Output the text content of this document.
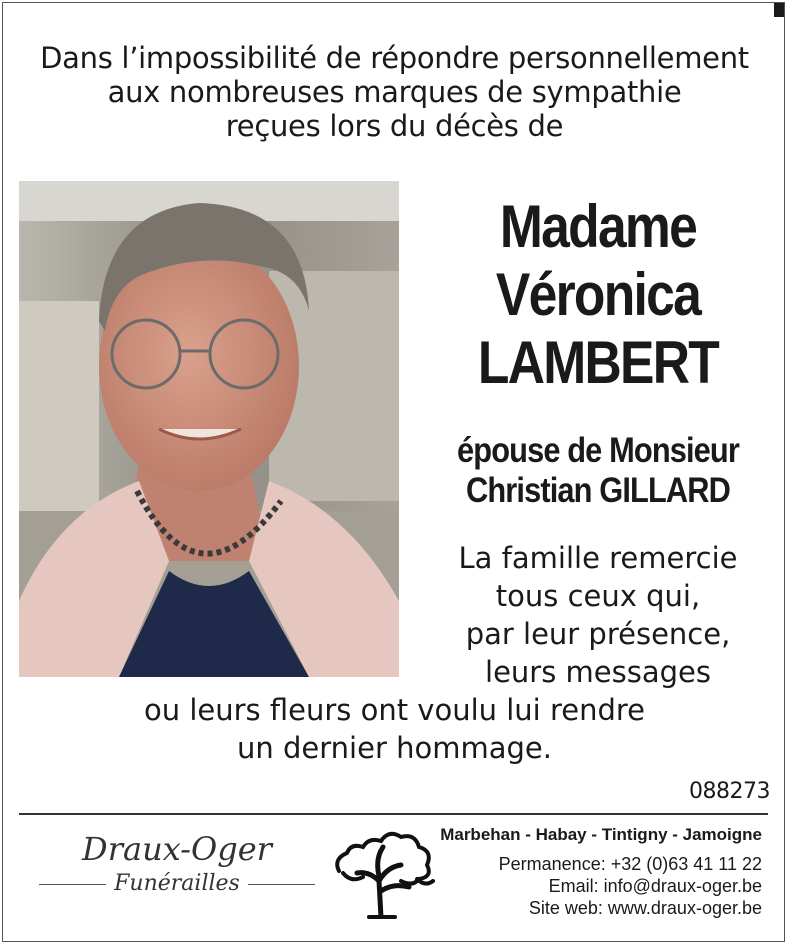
Dans l’impossibilité de répondre personnellement
aux nombreuses marques de sympathie
reçues lors du décès de
Madame
Véronica
LAMBERT
épouse de Monsieur
Christian GILLARD
La famille remercie
tous ceux qui,
par leur présence,
leurs messages
ou leurs fleurs ont voulu lui rendre
un dernier hommage.
088273
Draux-Oger
Funérailles
Marbehan - Habay - Tintigny - Jamoigne
Permanence: +32 (0)63 41 11 22
Email: info@draux-oger.be
Site web: www.draux-oger.be
